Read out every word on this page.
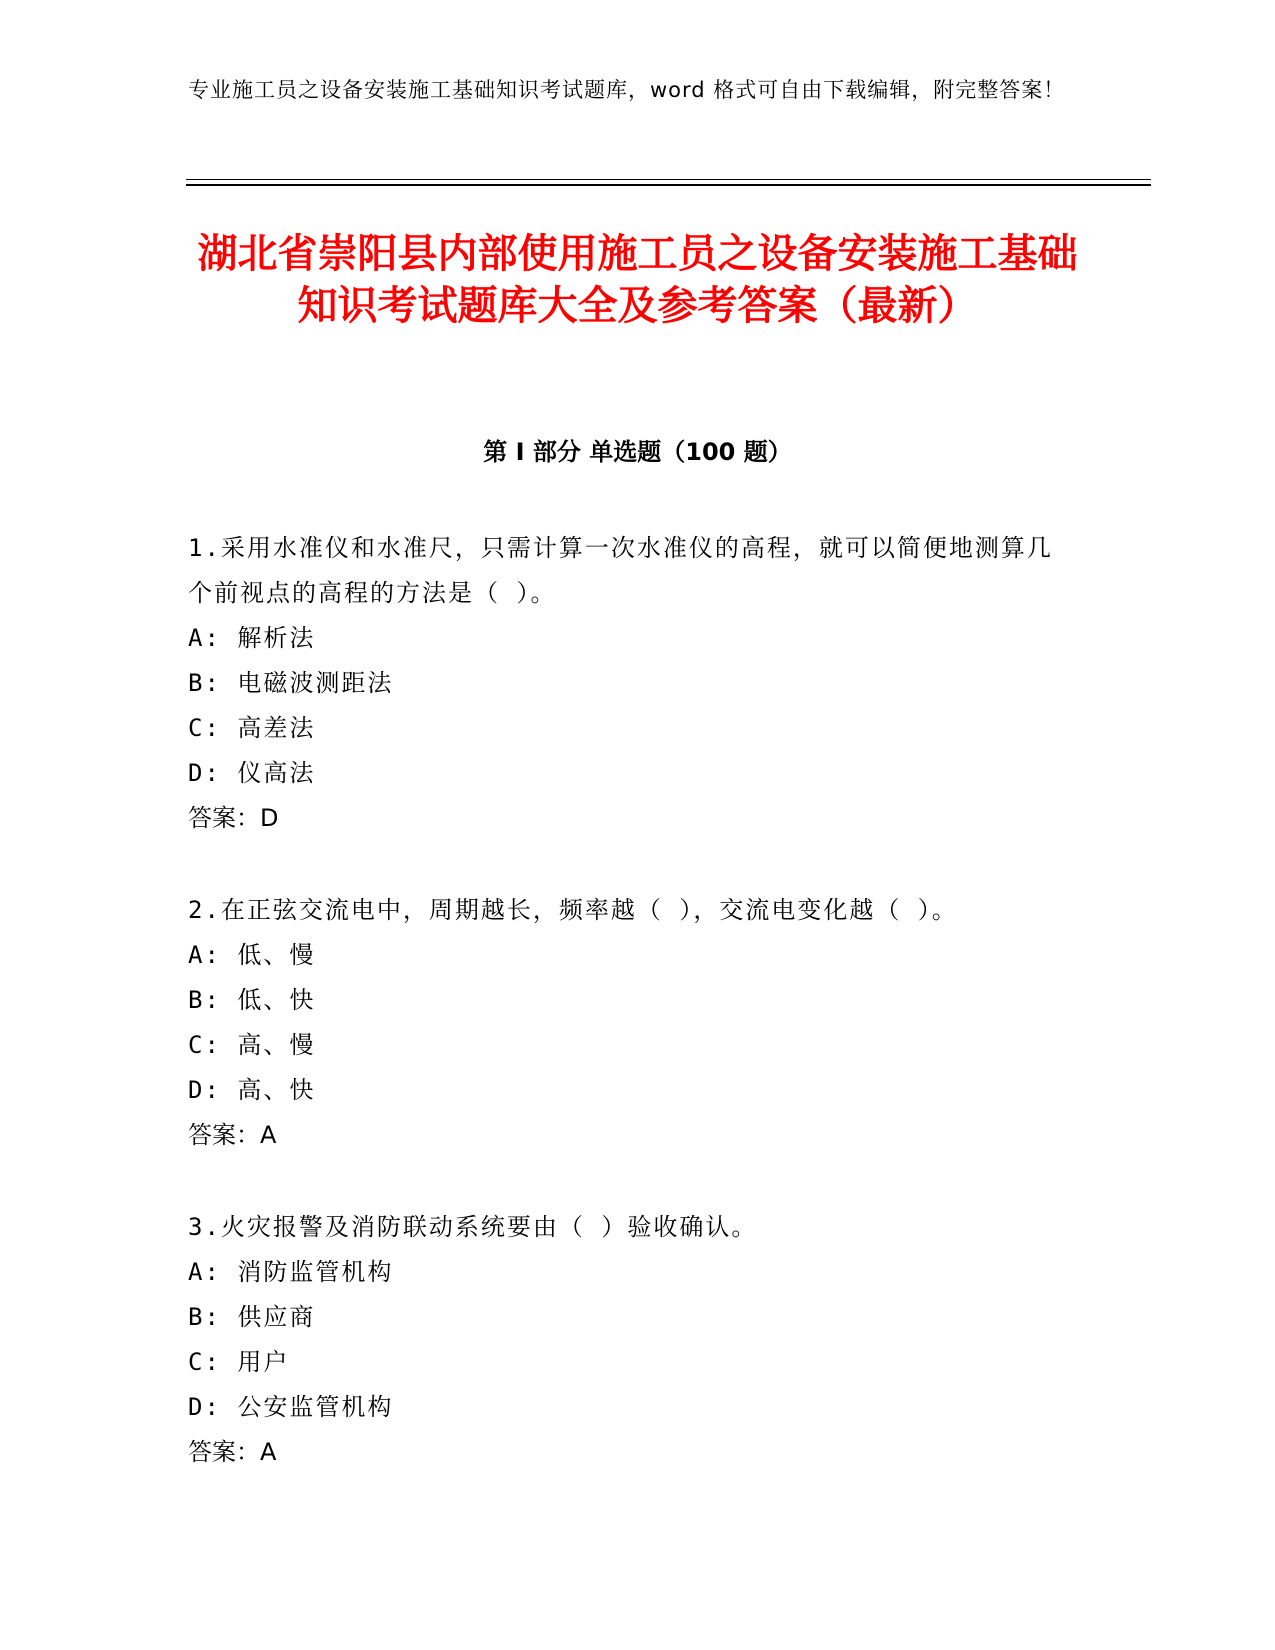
专业施工员之设备安装施工基础知识考试题库，word 格式可自由下载编辑，附完整答案！

湖北省崇阳县内部使用施工员之设备安装施工基础知识考试题库大全及参考答案（最新）
第 I 部分 单选题（100 题）

1.采用水准仪和水准尺，只需计算一次水准仪的高程，就可以简便地测算几个前视点的高程的方法是（ ）。

A: 解析法

B: 电磁波测距法

C: 高差法

D: 仪高法

答案：D

2.在正弦交流电中，周期越长，频率越（ ），交流电变化越（ ）。

A: 低、慢

B: 低、快

C: 高、慢

D: 高、快

答案：A

3.火灾报警及消防联动系统要由（ ）验收确认。

A: 消防监管机构

B: 供应商

C: 用户

D: 公安监管机构

答案：A
